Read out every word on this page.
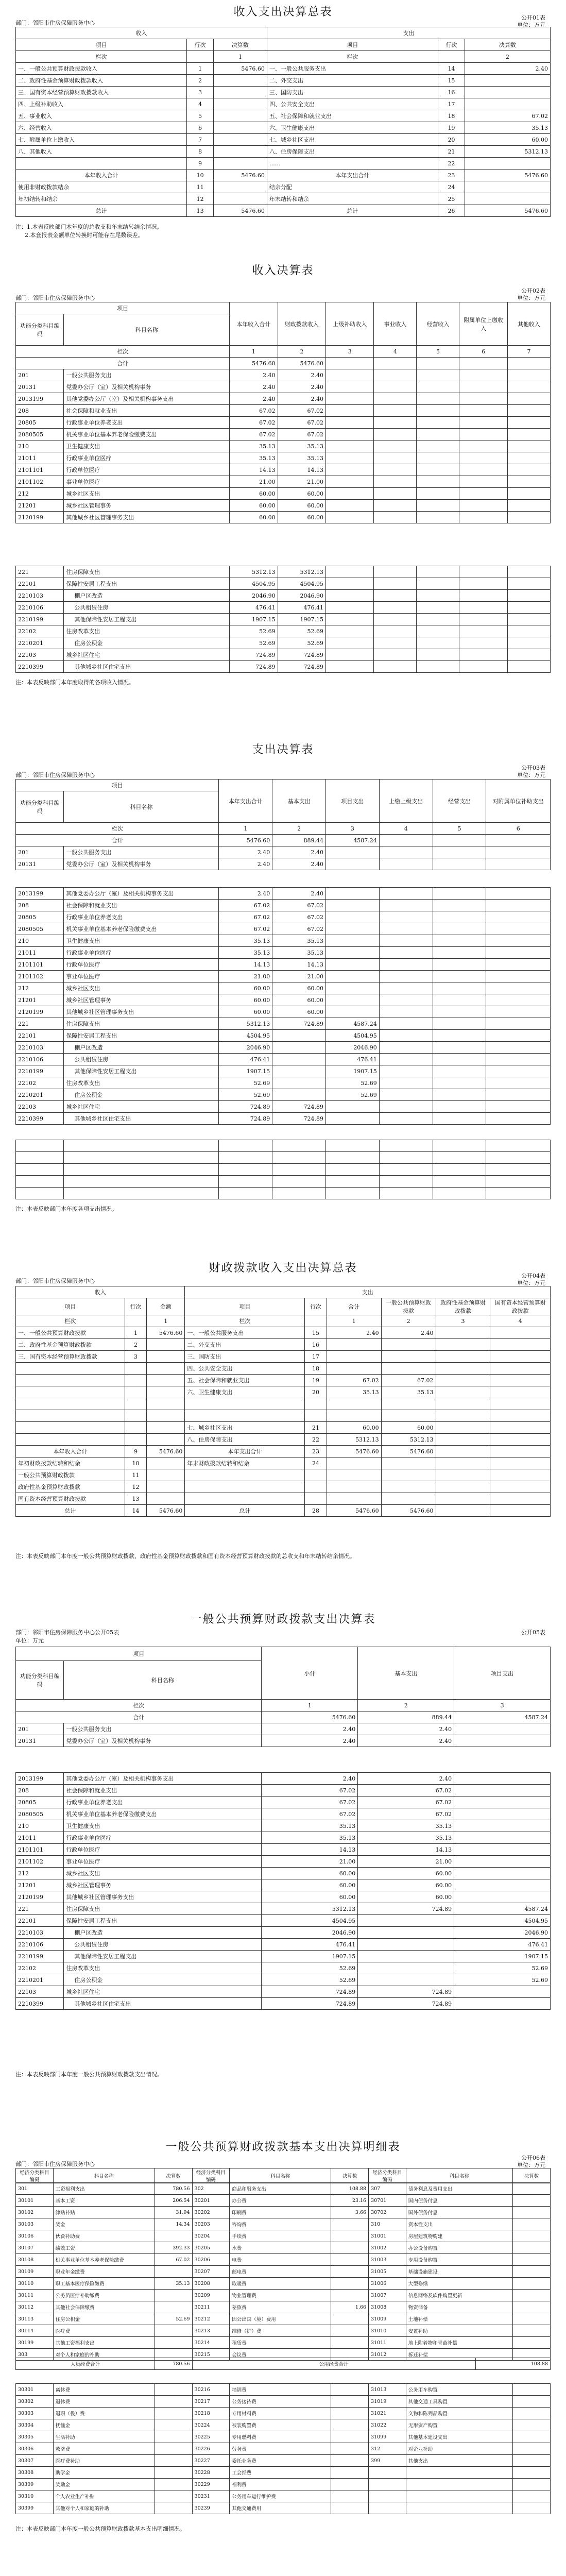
收入支出决算总表	公开01表
部门：邻阳市住房保障服务中心	单位：万元
收入			支出		
项目	行次	决算数	项目	行次	决算数
栏次		1	栏次		2
一、一般公共预算财政拨款收入	1	5476.60	一、一般公共服务支出	14	2.40
二、政府性基金预算财政拨款收入	2		二、外交支出	15	
三、国有资本经营预算财政拨款收入	3		三、国防支出	16	
四、上级补助收入	4		四、公共安全支出	17	
五、事业收入	5		五、社会保障和就业支出	18	67.02
六、经营收入	6		六、卫生健康支出	19	35.13
七、附属单位上缴收入	7		七、城乡社区支出	20	60.00
八、其他收入	8		八、住房保障支出	21	5312.13
	9		……	22	
本年收入合计	10	5476.60	本年支出合计	23	5476.60
使用非财政拨款结余	11		结余分配	24	
年初结转和结余	12		年末结转和结余	25	
总计	13	5476.60	总计	26	5476.60
注：1.本表反映部门本年度的总收支和年末结转结余情况。
2.本套报表金额单位转换时可能存在尾数误差。
收入决算表
公开02表
部门：邻阳市住房保障服务中心	单位：万元
项目		本年收入合计	财政拨款收入	上级补助收入	事业收入	经营收入	附属单位上缴收入	其他收入
功能分类科目编码	科目名称							

栏次		1	2	3	4	5	6	7
合计		5476.60	5476.60					
201	一般公共服务支出	2.40	2.40					
20131	党委办公厅（室）及相关机构事务	2.40	2.40					
2013199	其他党委办公厅（室）及相关机构事务支出	2.40	2.40					
208	社会保障和就业支出	67.02	67.02					
20805	行政事业单位养老支出	67.02	67.02					
2080505	机关事业单位基本养老保险缴费支出	67.02	67.02					
210	卫生健康支出	35.13	35.13					
21011	行政事业单位医疗	35.13	35.13					
2101101	行政单位医疗	14.13	14.13					
2101102	事业单位医疗	21.00	21.00					
212	城乡社区支出	60.00	60.00					
21201	城乡社区管理事务	60.00	60.00					
2120199	其他城乡社区管理事务支出	60.00	60.00					
221	住房保障支出	5312.13	5312.13					
22101	保障性安居工程支出	4504.95	4504.95					
2210103	棚户区改造	2046.90	2046.90					
2210106	公共租赁住房	476.41	476.41					
2210199	其他保障性安居工程支出	1907.15	1907.15					
22102	住房改革支出	52.69	52.69					
2210201	住房公积金	52.69	52.69					
22103	城乡社区住宅	724.89	724.89					
2210399	其他城乡社区住宅支出	724.89	724.89					
注：本表反映部门本年度取得的各项收入情况。
支出决算表
公开03表
部门：邻阳市住房保障服务中心	单位：万元
项目		本年支出合计	基本支出	项目支出	上缴上级支出	经营支出	对附属单位补助支出
功能分类科目编码	科目名称						

栏次		1	2	3	4	5	6
合计		5476.60	889.44	4587.24			
201	一般公共服务支出	2.40	2.40				
20131	党委办公厅（室）及相关机构事务	2.40	2.40				
2013199	其他党委办公厅（室）及相关机构事务支出	2.40	2.40				
208	社会保障和就业支出	67.02	67.02				
20805	行政事业单位养老支出	67.02	67.02				
2080505	机关事业单位基本养老保险缴费支出	67.02	67.02				
210	卫生健康支出	35.13	35.13				
21011	行政事业单位医疗	35.13	35.13				
2101101	行政单位医疗	14.13	14.13				
2101102	事业单位医疗	21.00	21.00				
212	城乡社区支出	60.00	60.00				
21201	城乡社区管理事务	60.00	60.00				
2120199	其他城乡社区管理事务支出	60.00	60.00				
221	住房保障支出	5312.13	724.89	4587.24			
22101	保障性安居工程支出	4504.95		4504.95			
2210103	棚户区改造	2046.90		2046.90			
2210106	公共租赁住房	476.41		476.41			
2210199	其他保障性安居工程支出	1907.15		1907.15			
22102	住房改革支出	52.69		52.69			
2210201	住房公积金	52.69		52.69			
22103	城乡社区住宅	724.89	724.89				
2210399	其他城乡社区住宅支出	724.89	724.89				

注：本表反映部门本年度各项支出情况。
财政拨款收入支出决算总表
公开04表
部门：邻阳市住房保障服务中心	单位：万元
收入			支出					
项目	行次	金额	项目	行次	合计	一般公共预算财政拨款	政府性基金预算财政拨款	国有资本经营预算财政拨款

栏次		1	栏次		1	2	3	4
一、一般公共预算财政拨款	1	5476.60	一、一般公共服务支出	15	2.40	2.40		
二、政府性基金预算财政拨款	2		二、外交支出	16				
三、国有资本经营预算财政拨款	3		三、国防支出	17				
			四、公共安全支出	18				
			五、社会保障和就业支出	19	67.02	67.02		
			六、卫生健康支出	20	35.13	35.13		

			七、城乡社区支出	21	60.00	60.00		
			八、住房保障支出	22	5312.13	5312.13		
本年收入合计	9	5476.60	本年支出合计	23	5476.60	5476.60		
年初财政拨款结转和结余	10		年末财政拨款结转和结余	24				
一般公共预算财政拨款	11							
政府性基金预算财政拨款	12							
国有资本经营预算财政拨款	13							
总计	14	5476.60	总计	28	5476.60	5476.60		
注：本表反映部门本年度一般公共预算财政拨款、政府性基金预算财政拨款和国有资本经营预算财政拨款的总收支和年末结转结余情况。
一般公共预算财政拨款支出决算表
部门：邻阳市住房保障服务中心公开05表
单位：万元
公开05表
项目		小计	基本支出	项目支出
功能分类科目编码	科目名称			

栏次		1	2	3
合计		5476.60	889.44	4587.24
201	一般公共服务支出	2.40	2.40	
20131	党委办公厅（室）及相关机构事务	2.40	2.40	
2013199	其他党委办公厅（室）及相关机构事务支出	2.40	2.40	
208	社会保障和就业支出	67.02	67.02	
20805	行政事业单位养老支出	67.02	67.02	
2080505	机关事业单位基本养老保险缴费支出	67.02	67.02	
210	卫生健康支出	35.13	35.13	
21011	行政事业单位医疗	35.13	35.13	
2101101	行政单位医疗	14.13	14.13	
2101102	事业单位医疗	21.00	21.00	
212	城乡社区支出	60.00	60.00	
21201	城乡社区管理事务	60.00	60.00	
2120199	其他城乡社区管理事务支出	60.00	60.00	
221	住房保障支出	5312.13	724.89	4587.24
22101	保障性安居工程支出	4504.95		4504.95
2210103	棚户区改造	2046.90		2046.90
2210106	公共租赁住房	476.41		476.41
2210199	其他保障性安居工程支出	1907.15		1907.15
22102	住房改革支出	52.69		52.69
2210201	住房公积金	52.69		52.69
22103	城乡社区住宅	724.89	724.89	
2210399	其他城乡社区住宅支出	724.89	724.89	
注：本表反映部门本年度一般公共预算财政拨款支出情况。
一般公共预算财政拨款基本支出决算明细表
公开06表
部门：邻阳市住房保障服务中心	单位：万元
经济分类科目编码	科目名称	决算数	经济分类科目编码	科目名称	决算数	经济分类科目编码	科目名称	决算数
301	工资福利支出	780.56	302	商品和服务支出	108.88	307	债务利息及费用支出	
30101	基本工资	206.54	30201	办公费	23.16	30701	国内债务付息	
30102	津贴补贴	31.94	30202	印刷费	3.66	30702	国外债务付息	
30103	奖金	14.34	30203	咨询费		310	资本性支出	
30106	伙食补助费		30204	手续费		31001	房屋建筑物购建	
30107	绩效工资	392.33	30205	水费		31002	办公设备购置	
30108	机关事业单位基本养老保险缴费	67.02	30206	电费		31003	专用设备购置	
30109	职业年金缴费		30207	邮电费		31005	基础设施建设	
30110	职工基本医疗保险缴费	35.13	30208	取暖费		31006	大型修缮	
30111	公务员医疗补助缴费		30209	物业管理费		31007	信息网络及软件购置更新	
30112	其他社会保障缴费		30211	差旅费	1.66	31008	物资储备	
30113	住房公积金	52.69	30212	因公出国（境）费用		31009	土地补偿	
30114	医疗费		30213	维修（护）费		31010	安置补助	
30199	其他工资福利支出		30214	租赁费		31011	地上附着物和青苗补偿	
303	对个人和家庭的补助		30215	会议费		31012	拆迁补偿	
人员经费合计	780.56	公用经费合计	108.88
30301	离休费		30216	培训费		31013	公务用车购置	
30302	退休费		30217	公务接待费		31019	其他交通工具购置	
30303	退职（役）费		30218	专用材料费		31021	文物和陈列品购置	
30304	抚恤金		30224	被装购置费		31022	无形资产购置	
30305	生活补助		30225	专用燃料费		31099	其他基本建设支出	
30306	救济费		30226	劳务费		312	对企业补助	
30307	医疗费补助		30227	委托业务费		399	其他支出	
30308	助学金		30228	工会经费				
30309	奖励金		30229	福利费				
30310	个人农业生产补贴		30231	公务用车运行维护费				
30399	其他对个人和家庭的补助		30239	其他交通费用				
注：本表反映部门本年度一般公共预算财政拨款基本支出明细情况。
